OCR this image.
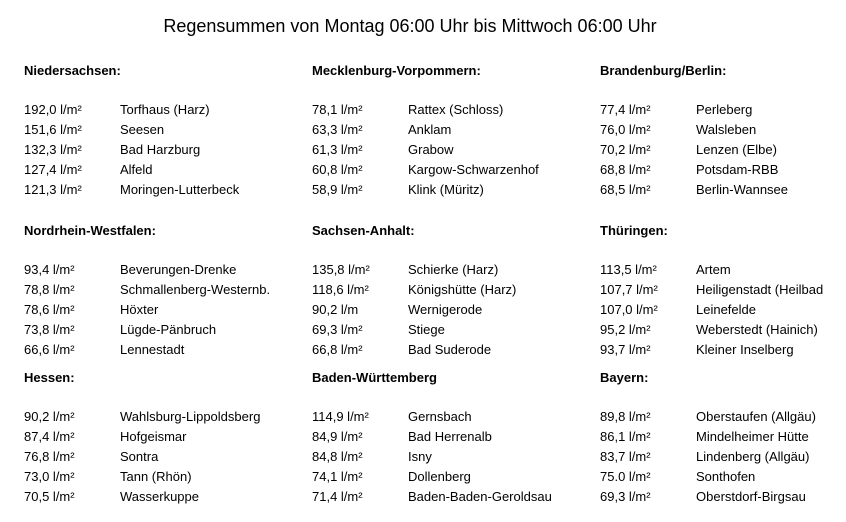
Regensummen von Montag 06:00 Uhr bis Mittwoch 06:00 Uhr
Niedersachsen:
192,0 l/m²	Torfhaus (Harz)
151,6 l/m²	Seesen
132,3 l/m²	Bad Harzburg
127,4 l/m²	Alfeld
121,3 l/m²	Moringen-Lutterbeck
Nordrhein-Westfalen:
93,4 l/m²	Beverungen-Drenke
78,8 l/m²	Schmallenberg-Westernb.
78,6 l/m²	Höxter
73,8 l/m²	Lügde-Pänbruch
66,6 l/m²	Lennestadt
Hessen:
90,2 l/m²	Wahlsburg-Lippoldsberg
87,4 l/m²	Hofgeismar
76,8 l/m²	Sontra
73,0 l/m²	Tann (Rhön)
70,5 l/m²	Wasserkuppe
Mecklenburg-Vorpommern:
78,1 l/m²	Rattex (Schloss)
63,3 l/m²	Anklam
61,3 l/m²	Grabow
60,8 l/m²	Kargow-Schwarzenhof
58,9 l/m²	Klink (Müritz)
Sachsen-Anhalt:
135,8 l/m²	Schierke (Harz)
118,6 l/m²	Königshütte (Harz)
90,2 l/m	Wernigerode
69,3 l/m²	Stiege
66,8 l/m²	Bad Suderode
Baden-Württemberg
114,9 l/m²	Gernsbach
84,9 l/m²	Bad Herrenalb
84,8 l/m²	Isny
74,1 l/m²	Dollenberg
71,4 l/m²	Baden-Baden-Geroldsau
Brandenburg/Berlin:
77,4 l/m²	Perleberg
76,0 l/m²	Walsleben
70,2 l/m²	Lenzen (Elbe)
68,8 l/m²	Potsdam-RBB
68,5 l/m²	Berlin-Wannsee
Thüringen:
113,5 l/m²	Artem
107,7 l/m²	Heiligenstadt (Heilbad
107,0 l/m²	Leinefelde
95,2 l/m²	Weberstedt (Hainich)
93,7 l/m²	Kleiner Inselberg
Bayern:
89,8 l/m²	Oberstaufen (Allgäu)
86,1 l/m²	Mindelheimer Hütte
83,7 l/m²	Lindenberg (Allgäu)
75.0 l/m²	Sonthofen
69,3 l/m²	Oberstdorf-Birgsau
